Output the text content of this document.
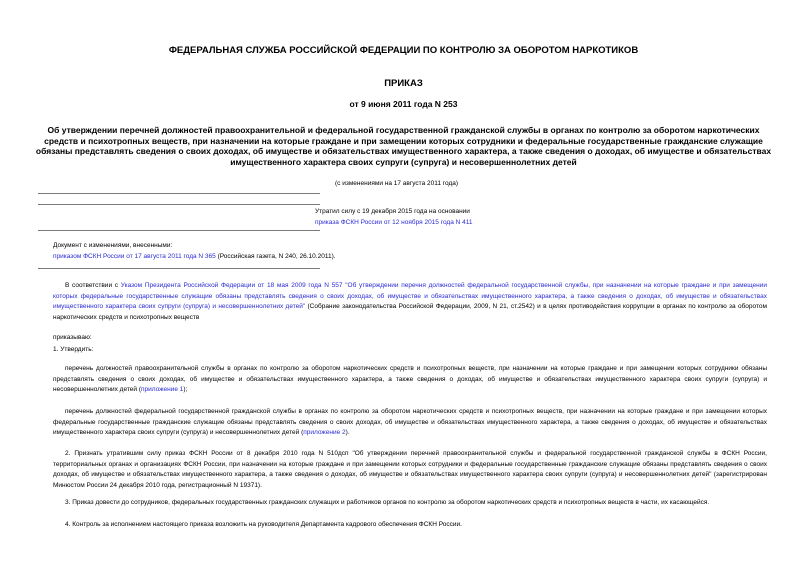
ФЕДЕРАЛЬНАЯ СЛУЖБА РОССИЙСКОЙ ФЕДЕРАЦИИ ПО КОНТРОЛЮ ЗА ОБОРОТОМ НАРКОТИКОВ
ПРИКАЗ
от 9 июня 2011 года N 253
Об утверждении перечней должностей правоохранительной и федеральной государственной гражданской службы в органах по контролю за оборотом наркотических средств и психотропных веществ, при назначении на которые граждане и при замещении которых сотрудники и федеральные государственные гражданские служащие обязаны представлять сведения о своих доходах, об имуществе и обязательствах имущественного характера, а также сведения о доходах, об имуществе и обязательствах имущественного характера своих супруги (супруга) и несовершеннолетних детей
(с изменениями на 17 августа 2011 года)
Утратил силу с 19 декабря 2015 года на основании
приказа ФСКН России от 12 ноября 2015 года N 411
Документ с изменениями, внесенными:
приказом ФСКН России от 17 августа 2011 года N 365 (Российская газета, N 240, 26.10.2011).
В соответствии с Указом Президента Российской Федерации от 18 мая 2009 года N 557 "Об утверждении перечня должностей федеральной государственной службы, при назначении на которые граждане и при замещении которых федеральные государственные служащие обязаны представлять сведения о своих доходах, об имуществе и обязательствах имущественного характера, а также сведения о доходах, об имуществе и обязательствах имущественного характера своих супруги (супруга) и несовершеннолетних детей" (Собрание законодательства Российской Федерации, 2009, N 21, ст.2542) и в целях противодействия коррупции в органах по контролю за оборотом наркотических средств и психотропных веществ
приказываю:
1. Утвердить:
перечень должностей правоохранительной службы в органах по контролю за оборотом наркотических средств и психотропных веществ, при назначении на которые граждане и при замещении которых сотрудники обязаны представлять сведения о своих доходах, об имуществе и обязательствах имущественного характера, а также сведения о доходах, об имуществе и обязательствах имущественного характера своих супруги (супруга) и несовершеннолетних детей (приложение 1);
перечень должностей федеральной государственной гражданской службы в органах по контролю за оборотом наркотических средств и психотропных веществ, при назначении на которые граждане и при замещении которых федеральные государственные гражданские служащие обязаны представлять сведения о своих доходах, об имуществе и обязательствах имущественного характера, а также сведения о доходах, об имуществе и обязательствах имущественного характера своих супруги (супруга) и несовершеннолетних детей (приложение 2).
2. Признать утратившим силу приказ ФСКН России от 8 декабря 2010 года N 510дсп "Об утверждении перечней правоохранительной службы и федеральной государственной гражданской службы в ФСКН России, территориальных органах и организациях ФСКН России, при назначении на которые граждане и при замещении которых сотрудники и федеральные государственные гражданские служащие обязаны представлять сведения о своих доходах, об имуществе и обязательствах имущественного характера, а также сведения о доходах, об имуществе и обязательствах имущественного характера своих супруги (супруга) и несовершеннолетних детей" (зарегистрирован Минюстом России 24 декабря 2010 года, регистрационный N 19371).
3. Приказ довести до сотрудников, федеральных государственных гражданских служащих и работников органов по контролю за оборотом наркотических средств и психотропных веществ в части, их касающейся.
4. Контроль за исполнением настоящего приказа возложить на руководителя Департамента кадрового обеспечения ФСКН России.
